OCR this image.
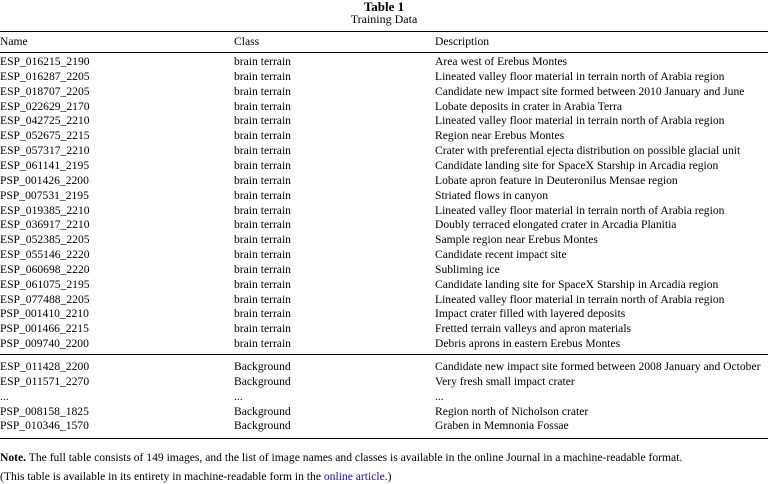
Table 1
Training Data
Name	Class	Description
ESP_016215_2190	brain terrain	Area west of Erebus Montes
ESP_016287_2205	brain terrain	Lineated valley floor material in terrain north of Arabia region
ESP_018707_2205	brain terrain	Candidate new impact site formed between 2010 January and June
ESP_022629_2170	brain terrain	Lobate deposits in crater in Arabia Terra
ESP_042725_2210	brain terrain	Lineated valley floor material in terrain north of Arabia region
ESP_052675_2215	brain terrain	Region near Erebus Montes
ESP_057317_2210	brain terrain	Crater with preferential ejecta distribution on possible glacial unit
ESP_061141_2195	brain terrain	Candidate landing site for SpaceX Starship in Arcadia region
PSP_001426_2200	brain terrain	Lobate apron feature in Deuteronilus Mensae region
PSP_007531_2195	brain terrain	Striated flows in canyon
ESP_019385_2210	brain terrain	Lineated valley floor material in terrain north of Arabia region
ESP_036917_2210	brain terrain	Doubly terraced elongated crater in Arcadia Planitia
ESP_052385_2205	brain terrain	Sample region near Erebus Montes
ESP_055146_2220	brain terrain	Candidate recent impact site
ESP_060698_2220	brain terrain	Subliming ice
ESP_061075_2195	brain terrain	Candidate landing site for SpaceX Starship in Arcadia region
ESP_077488_2205	brain terrain	Lineated valley floor material in terrain north of Arabia region
PSP_001410_2210	brain terrain	Impact crater filled with layered deposits
PSP_001466_2215	brain terrain	Fretted terrain valleys and apron materials
PSP_009740_2200	brain terrain	Debris aprons in eastern Erebus Montes
ESP_011428_2200	Background	Candidate new impact site formed between 2008 January and October
ESP_011571_2270	Background	Very fresh small impact crater
...	...	...
PSP_008158_1825	Background	Region north of Nicholson crater
PSP_010346_1570	Background	Graben in Memnonia Fossae
Note. The full table consists of 149 images, and the list of image names and classes is available in the online Journal in a machine-readable format.
(This table is available in its entirety in machine-readable form in the online article.)
